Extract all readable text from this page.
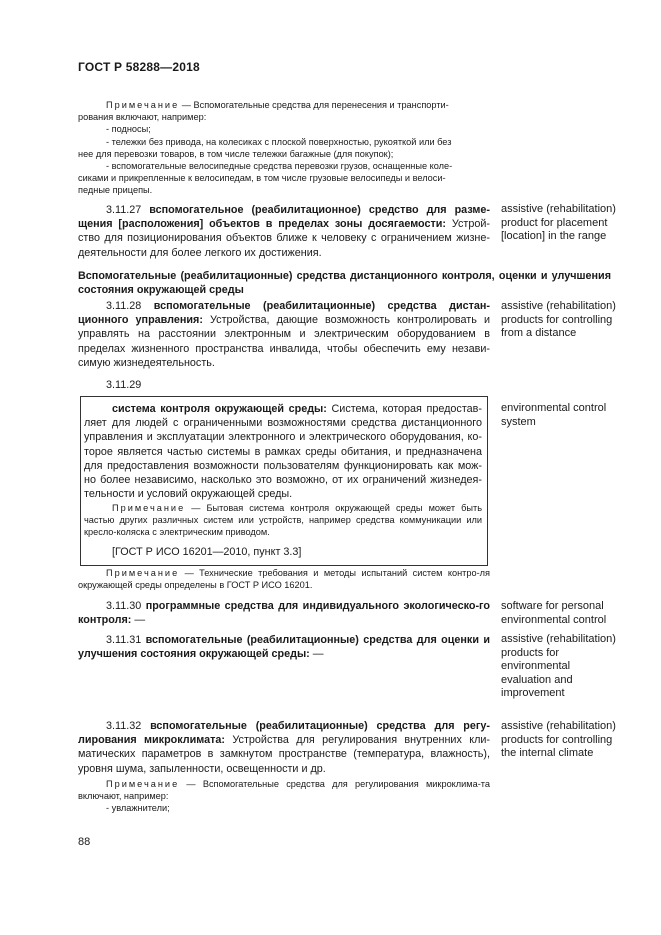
ГОСТ Р 58288—2018

Примечание — Вспомогательные средства для перенесения и транспорти-

рования включают, например:

- подносы;

- тележки без привода, на колесиках с плоской поверхностью, рукояткой или без

нее для перевозки товаров, в том числе тележки багажные (для покупок);

- вспомогательные велосипедные средства перевозки грузов, оснащенные коле-

сиками и прикрепленные к велосипедам, в том числе грузовые велосипеды и велоси-

педные прицепы.

3.11.27 вспомогательное (реабилитационное) средство для разме-щения [расположения] объектов в пределах зоны досягаемости: Устрой-ство для позиционирования объектов ближе к человеку с ограничением жизне-деятельности для более легкого их достижения.

assistive (rehabilitation) product for placement [location] in the range
Вспомогательные (реабилитационные) средства дистанционного контроля, оценки и улучшения состояния окружающей среды

3.11.28 вспомогательные (реабилитационные) средства дистан-ционного управления: Устройства, дающие возможность контролировать и управлять на расстоянии электронным и электрическим оборудованием в пределах жизненного пространства инвалида, чтобы обеспечить ему незави-симую жизнедеятельность.

assistive (rehabilitation) products for controlling from a distance

3.11.29

система контроля окружающей среды: Система, которая предостав-ляет для людей с ограниченными возможностями средства дистанционного управления и эксплуатации электронного и электрического оборудования, ко-торое является частью системы в рамках среды обитания, и предназначена для предоставления возможности пользователям функционировать как мож-но более независимо, насколько это возможно, от их ограничений жизнедея-тельности и условий окружающей среды.

Примечание — Бытовая система контроля окружающей среды может быть частью других различных систем или устройств, например средства коммуникации или кресло-коляска с электрическим приводом.

[ГОСТ Р ИСО 16201—2010, пункт 3.3]

environmental control system

Примечание — Технические требования и методы испытаний систем контро-ля окружающей среды определены в ГОСТ Р ИСО 16201.

3.11.30 программные средства для индивидуального экологическо-го контроля: —

software for personal environmental control

3.11.31 вспомогательные (реабилитационные) средства для оценки и улучшения состояния окружающей среды: —

assistive (rehabilitation) products for environmental evaluation and improvement

3.11.32 вспомогательные (реабилитационные) средства для регу-лирования микроклимата: Устройства для регулирования внутренних кли-матических параметров в замкнутом пространстве (температура, влажность), уровня шума, запыленности, освещенности и др.

assistive (rehabilitation) products for controlling the internal climate

Примечание — Вспомогательные средства для регулирования микроклима-та включают, например:

- увлажнители;

88
